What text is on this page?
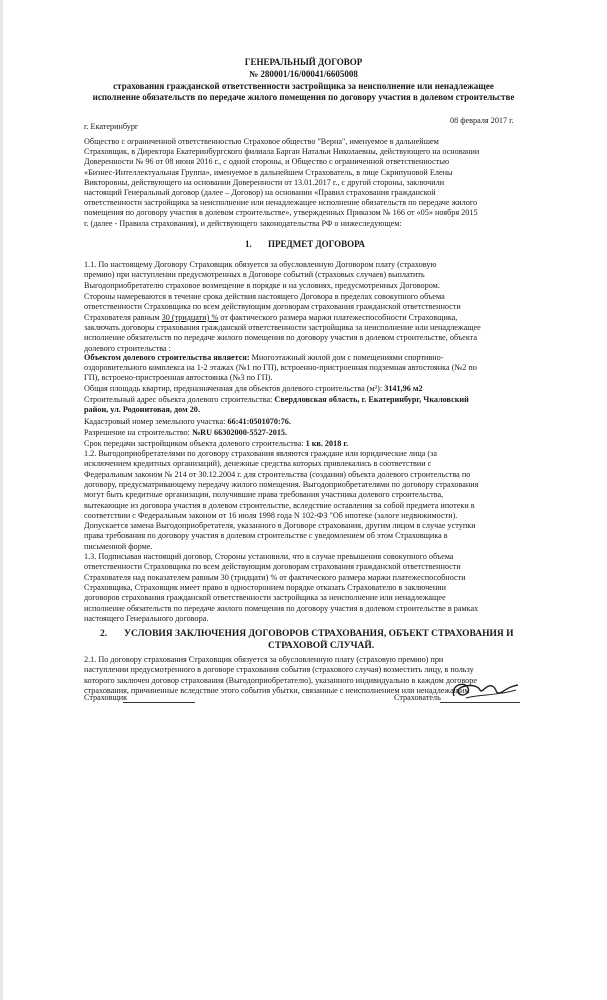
ГЕНЕРАЛЬНЫЙ ДОГОВОР
№ 280001/16/00041/6605008
страхования гражданской ответственности застройщика за неисполнение или ненадлежащее
исполнение обязательств по передаче жилого помещения по договору участия в долевом строительстве
г. Екатеринбург
08 февраля 2017 г.
Общество с ограниченной ответственностью Страховое общество "Верна", именуемое в дальнейшем
Страховщик, в Директора Екатеринбургского филиала Барган Натальи Николаевны, действующего на основании
Доверенности № 96 от 08 июня 2016 г., с одной стороны, и Общество с ограниченной ответственностью
«Бизнес-Интеллектуальная Группа», именуемое в дальнейшем Страхователь, в лице Скрипуновой Елены
Викторовны, действующего на основании Доверенности от 13.01.2017 г., с другой стороны, заключили
настоящий Генеральный договор (далее – Договор) на основании «Правил страхования гражданской
ответственности застройщика за неисполнение или ненадлежащее исполнение обязательств по передаче жилого
помещения по договору участия в долевом строительстве», утвержденных Приказом № 166 от «05» ноября 2015
г. (далее - Правила страхования), и действующего законодательства РФ о нижеследующем:
1. ПРЕДМЕТ ДОГОВОРА
1.1. По настоящему Договору Страховщик обязуется за обусловленную Договором плату (страховую
премию) при наступлении предусмотренных в Договоре событий (страховых случаев) выплатить
Выгодоприобретателю страховое возмещение в порядке и на условиях, предусмотренных Договором.
Стороны намереваются в течение срока действия настоящего Договора в пределах совокупного объема
ответственности Страховщика по всем действующим договорам страхования гражданской ответственности
Страхователя равным 30 (тридцати) % от фактического размера маржи платежеспособности Страховщика,
заключать договоры страхования гражданской ответственности застройщика за неисполнение или ненадлежащее
исполнение обязательств по передаче жилого помещения по договору участия в долевом строительстве, объекта
долевого строительства :
Объектом долевого строительства является: Многоэтажный жилой дом с помещениями спортивно-
оздоровительного комплекса на 1-2 этажах (№1 по ГП), встроенно-пристроенная подземная автостоянка (№2 по
ГП), встроено-пристроенная автостоянка (№3 по ГП).
Общая площадь квартир, предназначенная для объектов долевого строительства (м²): 3141,96 м2
Строительный адрес объекта долевого строительства: Свердловская область, г. Екатеринбург, Чкаловский
район, ул. Родонитовая, дом 20.
Кадастровый номер земельного участка: 66:41:0501070:76.
Разрешение на строительство: №RU 66302000-5527-2015.
Срок передачи застройщиком объекта долевого строительства: 1 кв. 2018 г.
1.2. Выгодоприобретателями по договору страхования являются граждане или юридические лица (за
исключением кредитных организаций), денежные средства которых привлекались в соответствии с
Федеральным законом № 214 от 30.12.2004 г. для строительства (создания) объекта долевого строительства по
договору, предусматривающему передачу жилого помещения. Выгодоприобретателями по договору страхования
могут быть кредитные организации, получившие права требования участника долевого строительства,
вытекающие из договора участия в долевом строительстве, вследствие оставления за собой предмета ипотеки в
соответствии с Федеральным законом от 16 июля 1998 года N 102-ФЗ "Об ипотеке (залоге недвижимости).
Допускается замена Выгодоприобретателя, указанного в Договоре страхования, другим лицом в случае уступки
права требования по договору участия в долевом строительстве с уведомлением об этом Страховщика в
письменной форме.
1.3. Подписывая настоящий договор, Стороны установили, что в случае превышения совокупного объема
ответственности Страховщика по всем действующим договорам страхования гражданской ответственности
Страхователя над показателем равным 30 (тридцати) % от фактического размера маржи платежеспособности
Страховщика, Страховщик имеет право в одностороннем порядке отказать Страхователю в заключении
договоров страхования гражданской ответственности застройщика за неисполнение или ненадлежащее
исполнение обязательств по передаче жилого помещения по договору участия в долевом строительстве в рамках
настоящего Генерального договора.
2. УСЛОВИЯ ЗАКЛЮЧЕНИЯ ДОГОВОРОВ СТРАХОВАНИЯ, ОБЪЕКТ СТРАХОВАНИЯ И
СТРАХОВОЙ СЛУЧАЙ.
2.1. По договору страхования Страховщик обязуется за обусловленную плату (страховую премию) при
наступлении предусмотренного в договоре страхования события (страхового случая) возместить лицу, в пользу
которого заключен договор страхования (Выгодоприобретателю), указанного индивидуально в каждом договоре
страхования, причиненные вследствие этого события убытки, связанные с неисполнением или ненадлежащим
Страховщик	Страхователь
